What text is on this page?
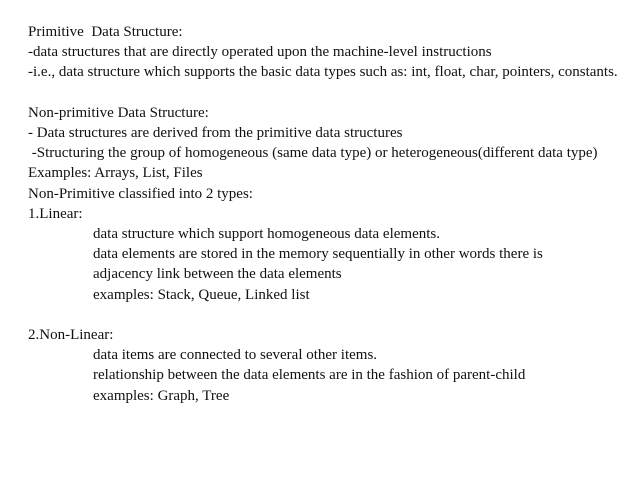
Primitive  Data Structure:
-data structures that are directly operated upon the machine-level instructions
-i.e., data structure which supports the basic data types such as: int, float, char, pointers, constants.
Non-primitive Data Structure:
- Data structures are derived from the primitive data structures
-Structuring the group of homogeneous (same data type) or heterogeneous(different data type)
Examples: Arrays, List, Files
Non-Primitive classified into 2 types:
1.Linear:
data structure which support homogeneous data elements.
data elements are stored in the memory sequentially in other words there is
adjacency link between the data elements
examples: Stack, Queue, Linked list
2.Non-Linear:
data items are connected to several other items.
relationship between the data elements are in the fashion of parent-child
examples: Graph, Tree
